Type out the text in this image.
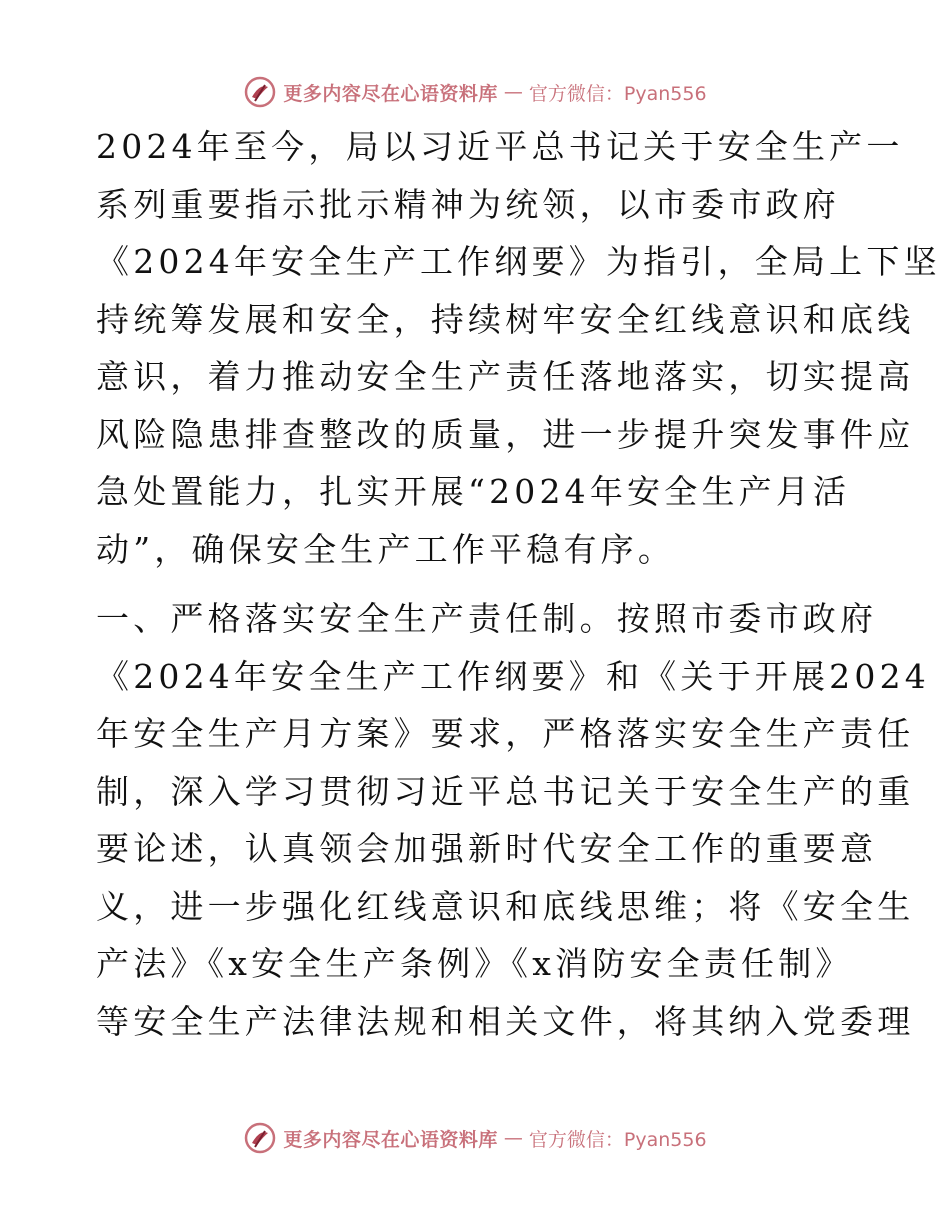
更多内容尽在心语资料库 — 官方微信：Pyan556
2024年至今，局以习近平总书记关于安全生产一
系列重要指示批示精神为统领，以市委市政府
《2024年安全生产工作纲要》为指引，全局上下坚
持统筹发展和安全，持续树牢安全红线意识和底线
意识，着力推动安全生产责任落地落实，切实提高
风险隐患排查整改的质量，进一步提升突发事件应
急处置能力，扎实开展“2024年安全生产月活
动”，确保安全生产工作平稳有序。
一、严格落实安全生产责任制。按照市委市政府
《2024年安全生产工作纲要》和《关于开展2024
年安全生产月方案》要求，严格落实安全生产责任
制，深入学习贯彻习近平总书记关于安全生产的重
要论述，认真领会加强新时代安全工作的重要意
义，进一步强化红线意识和底线思维；将《安全生
产法》《x安全生产条例》《x消防安全责任制》
等安全生产法律法规和相关文件，将其纳入党委理
更多内容尽在心语资料库 — 官方微信：Pyan556
